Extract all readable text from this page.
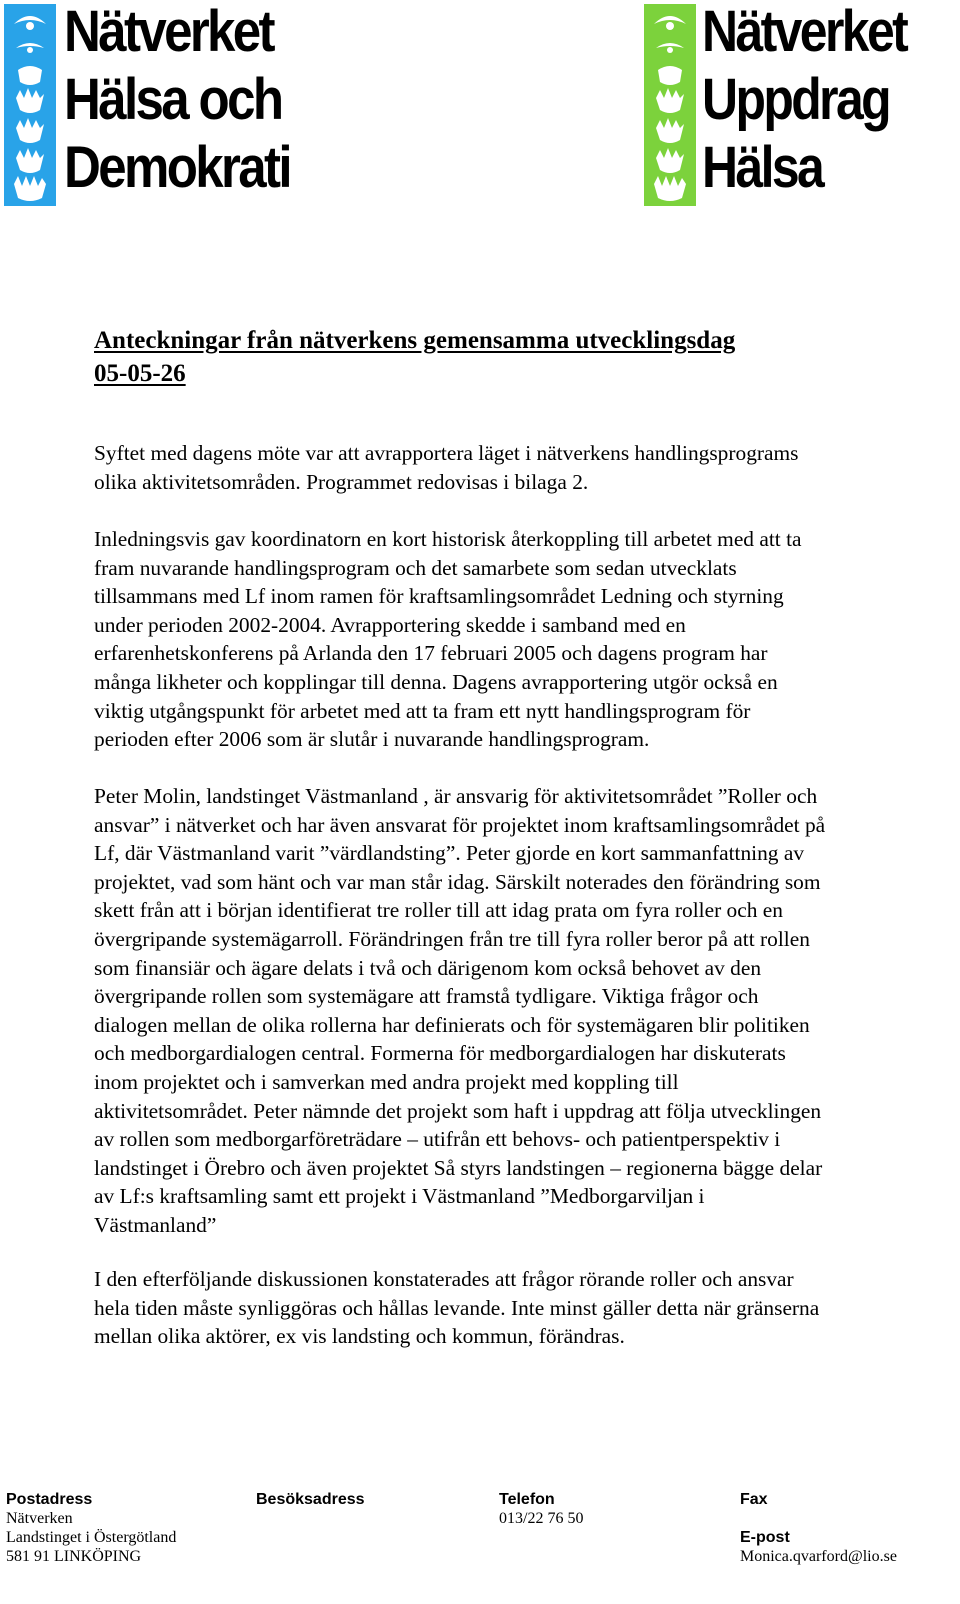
Nätverket
Hälsa och
Demokrati
Nätverket
Uppdrag
Hälsa
Anteckningar från nätverkens gemensamma utvecklingsdag
05-05-26

Syftet med dagens möte var att avrapportera läget i nätverkens handlingsprograms
olika aktivitetsområden. Programmet redovisas i bilaga 2.

Inledningsvis gav koordinatorn en kort historisk återkoppling till arbetet med att ta
fram nuvarande handlingsprogram och det samarbete som sedan utvecklats
tillsammans med Lf inom ramen för kraftsamlingsområdet Ledning och styrning
under perioden 2002-2004. Avrapportering skedde i samband med en
erfarenhetskonferens på Arlanda den 17 februari 2005 och dagens program har
många likheter och kopplingar till denna. Dagens avrapportering utgör också en
viktig utgångspunkt för arbetet med att ta fram ett nytt handlingsprogram för
perioden efter 2006 som är slutår i nuvarande handlingsprogram.

Peter Molin, landstinget Västmanland , är ansvarig för aktivitetsområdet ”Roller och
ansvar” i nätverket och har även ansvarat för projektet inom kraftsamlingsområdet på
Lf, där Västmanland varit ”värdlandsting”. Peter gjorde en kort sammanfattning av
projektet, vad som hänt och var man står idag. Särskilt noterades den förändring som
skett från att i början identifierat tre roller till att idag prata om fyra roller och en
övergripande systemägarroll. Förändringen från tre till fyra roller beror på att rollen
som finansiär och ägare delats i två och därigenom kom också behovet av den
övergripande rollen som systemägare att framstå tydligare. Viktiga frågor och
dialogen mellan de olika rollerna har definierats och för systemägaren blir politiken
och medborgardialogen central. Formerna för medborgardialogen har diskuterats
inom projektet och i samverkan med andra projekt med koppling till
aktivitetsområdet. Peter nämnde det projekt som haft i uppdrag att följa utvecklingen
av rollen som medborgarföreträdare – utifrån ett behovs- och patientperspektiv i
landstinget i Örebro och även projektet Så styrs landstingen – regionerna bägge delar
av Lf:s kraftsamling samt ett projekt i Västmanland ”Medborgarviljan i
Västmanland”

I den efterföljande diskussionen konstaterades att frågor rörande roller och ansvar
hela tiden måste synliggöras och hållas levande. Inte minst gäller detta när gränserna
mellan olika aktörer, ex vis landsting och kommun, förändras.

Postadress
Nätverken
Landstinget i Östergötland
581 91 LINKÖPING
Besöksadress	Telefon
013/22 76 50
Fax
E-post
Monica.qvarford@lio.se
